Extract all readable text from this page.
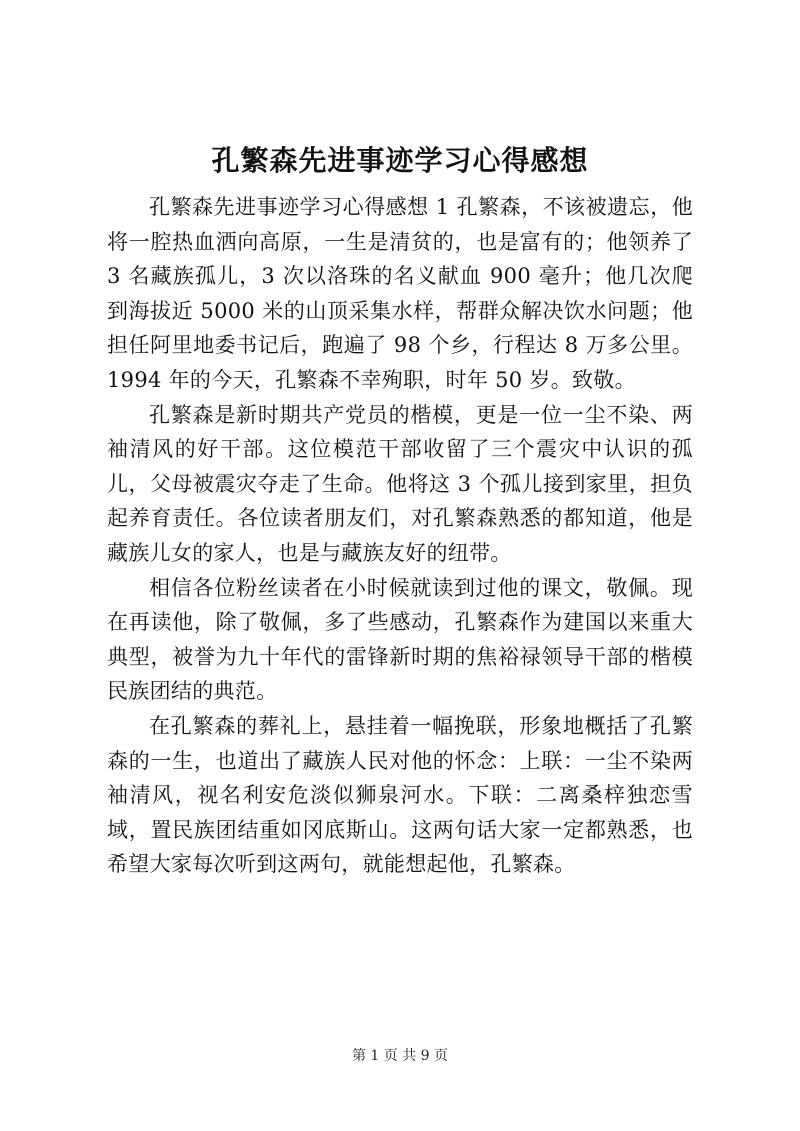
孔繁森先进事迹学习心得感想

孔繁森先进事迹学习心得感想 1 孔繁森，不该被遗忘，他将一腔热血洒向高原，一生是清贫的，也是富有的；他领养了 3 名藏族孤儿，3 次以洛珠的名义献血 900 毫升；他几次爬到海拔近 5000 米的山顶采集水样，帮群众解决饮水问题；他担任阿里地委书记后，跑遍了 98 个乡，行程达 8 万多公里。1994 年的今天，孔繁森不幸殉职，时年 50 岁。致敬。

孔繁森是新时期共产党员的楷模，更是一位一尘不染、两袖清风的好干部。这位模范干部收留了三个震灾中认识的孤儿，父母被震灾夺走了生命。他将这 3 个孤儿接到家里，担负起养育责任。各位读者朋友们，对孔繁森熟悉的都知道，他是藏族儿女的家人，也是与藏族友好的纽带。

相信各位粉丝读者在小时候就读到过他的课文，敬佩。现在再读他，除了敬佩，多了些感动，孔繁森作为建国以来重大典型，被誉为九十年代的雷锋新时期的焦裕禄领导干部的楷模民族团结的典范。

在孔繁森的葬礼上，悬挂着一幅挽联，形象地概括了孔繁森的一生，也道出了藏族人民对他的怀念：上联：一尘不染两袖清风，视名利安危淡似狮泉河水。下联：二离桑梓独恋雪域，置民族团结重如冈底斯山。这两句话大家一定都熟悉，也希望大家每次听到这两句，就能想起他，孔繁森。

第 1 页 共 9 页
